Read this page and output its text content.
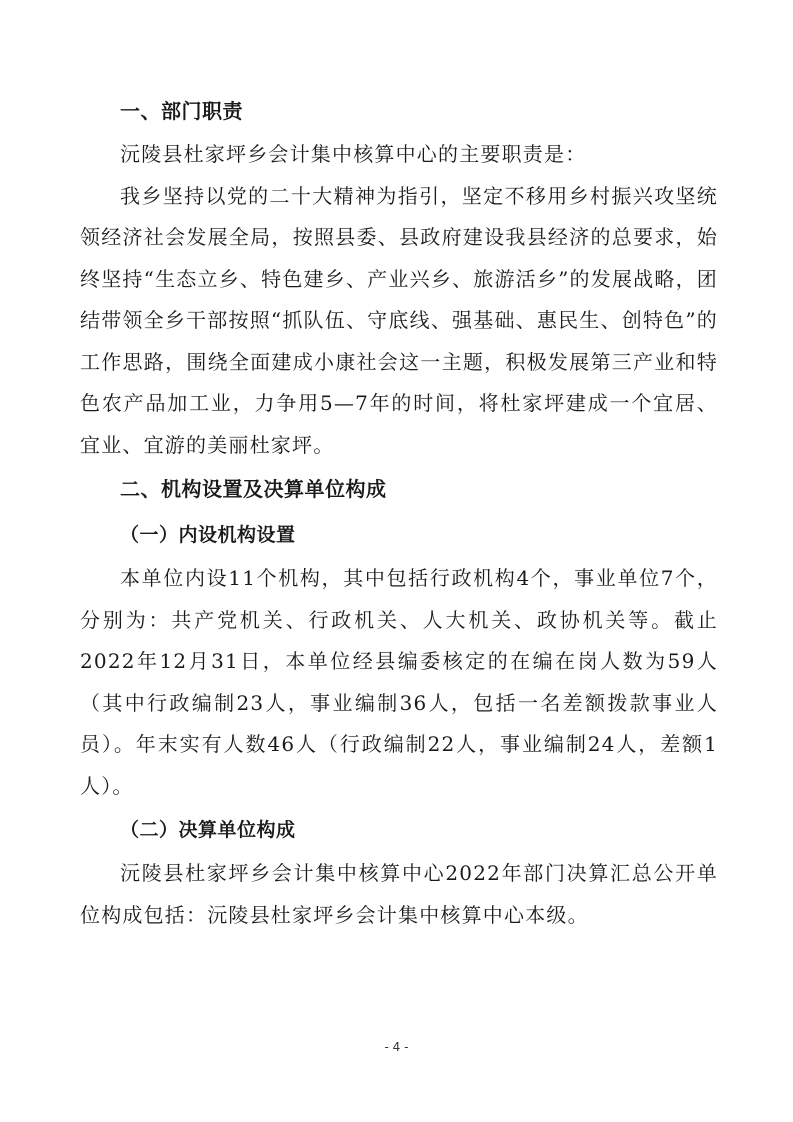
一、部门职责

沅陵县杜家坪乡会计集中核算中心的主要职责是：

我乡坚持以党的二十大精神为指引，坚定不移用乡村振兴攻坚统领经济社会发展全局，按照县委、县政府建设我县经济的总要求，始终坚持“生态立乡、特色建乡、产业兴乡、旅游活乡”的发展战略，团结带领全乡干部按照“抓队伍、守底线、强基础、惠民生、创特色”的工作思路，围绕全面建成小康社会这一主题，积极发展第三产业和特色农产品加工业，力争用5—7年的时间，将杜家坪建成一个宜居、宜业、宜游的美丽杜家坪。

二、机构设置及决算单位构成
（一）内设机构设置

本单位内设11个机构，其中包括行政机构4个，事业单位7个，分别为：共产党机关、行政机关、人大机关、政协机关等。截止2022年12月31日，本单位经县编委核定的在编在岗人数为59人（其中行政编制23人，事业编制36人，包括一名差额拨款事业人员）。年末实有人数46人（行政编制22人，事业编制24人，差额1人）。

（二）决算单位构成

沅陵县杜家坪乡会计集中核算中心2022年部门决算汇总公开单位构成包括：沅陵县杜家坪乡会计集中核算中心本级。

- 4 -
